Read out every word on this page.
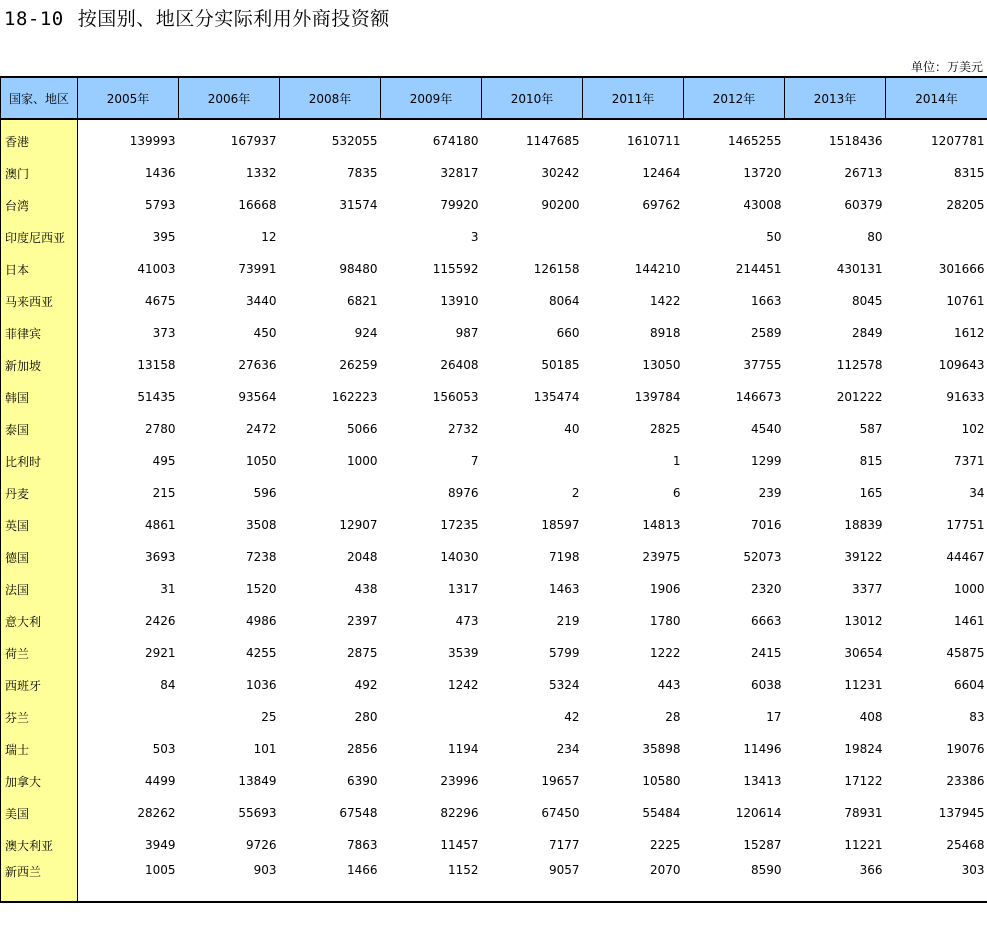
18-10 按国别、地区分实际利用外商投资额
单位：万美元
国家、地区	2005年	2006年	2008年	2009年	2010年	2011年	2012年	2013年	2014年

香港	139993	167937	532055	674180	1147685	1610711	1465255	1518436	1207781

澳门	1436	1332	7835	32817	30242	12464	13720	26713	8315

台湾	5793	16668	31574	79920	90200	69762	43008	60379	28205
印度尼西亚	395	12		3			50	80	

日本	41003	73991	98480	115592	126158	144210	214451	430131	301666
马来西亚	4675	3440	6821	13910	8064	1422	1663	8045	10761

菲律宾	373	450	924	987	660	8918	2589	2849	1612

新加坡	13158	27636	26259	26408	50185	13050	37755	112578	109643

韩国	51435	93564	162223	156053	135474	139784	146673	201222	91633

泰国	2780	2472	5066	2732	40	2825	4540	587	102

比利时	495	1050	1000	7		1	1299	815	7371

丹麦	215	596		8976	2	6	239	165	34

英国	4861	3508	12907	17235	18597	14813	7016	18839	17751

德国	3693	7238	2048	14030	7198	23975	52073	39122	44467

法国	31	1520	438	1317	1463	1906	2320	3377	1000

意大利	2426	4986	2397	473	219	1780	6663	13012	1461

荷兰	2921	4255	2875	3539	5799	1222	2415	30654	45875

西班牙	84	1036	492	1242	5324	443	6038	11231	6604

芬兰		25	280		42	28	17	408	83

瑞士	503	101	2856	1194	234	35898	11496	19824	19076

加拿大	4499	13849	6390	23996	19657	10580	13413	17122	23386

美国	28262	55693	67548	82296	67450	55484	120614	78931	137945
澳大利亚	3949	9726	7863	11457	7177	2225	15287	11221	25468

新西兰	1005	903	1466	1152	9057	2070	8590	366	303
